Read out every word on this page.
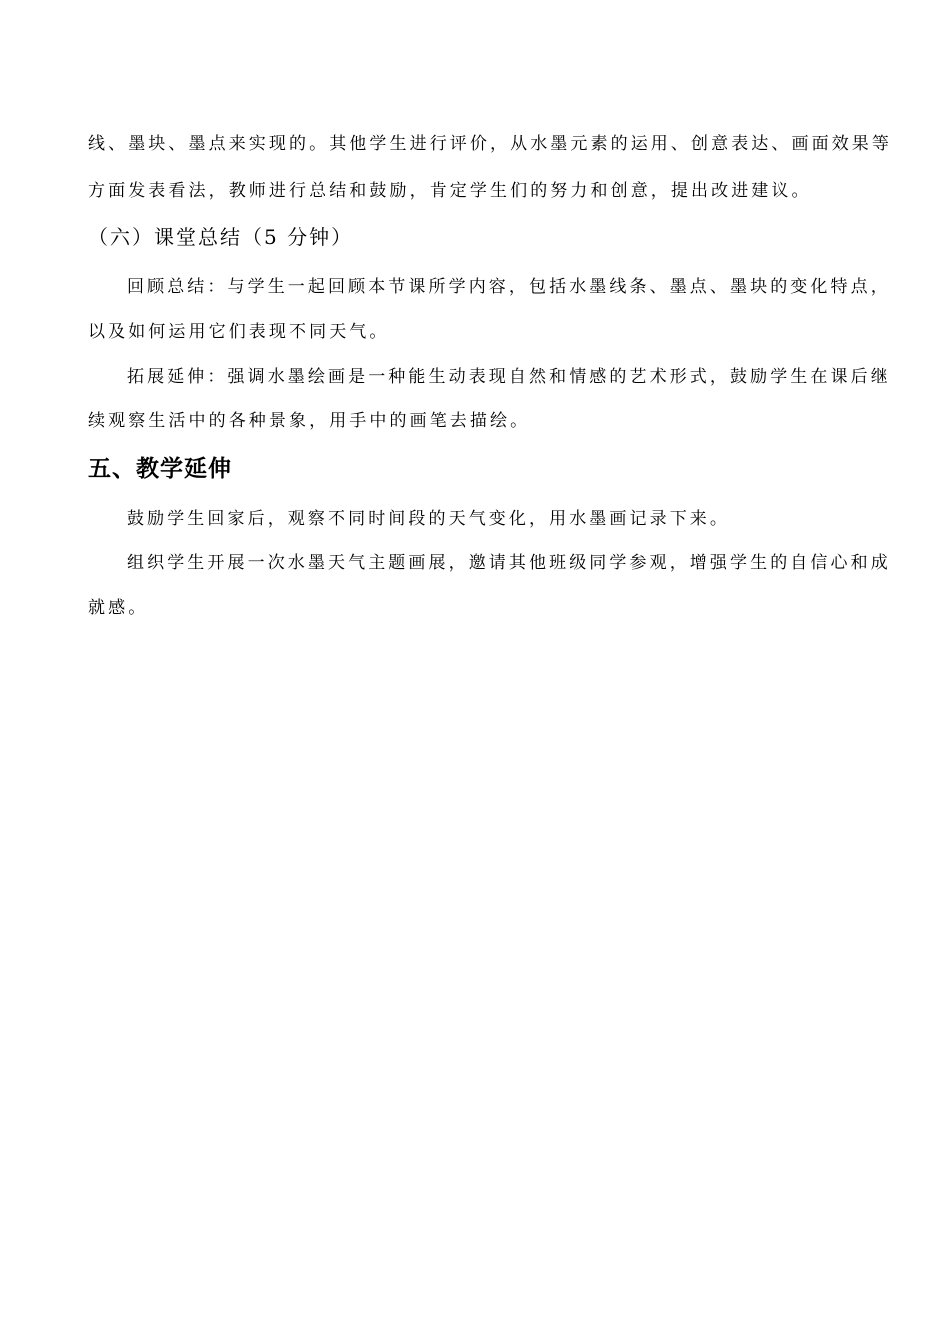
线、墨块、墨点来实现的。其他学生进行评价，从水墨元素的运用、创意表达、画面效果等
方面发表看法，教师进行总结和鼓励，肯定学生们的努力和创意，提出改进建议。
（六）课堂总结（5 分钟）
回顾总结：与学生一起回顾本节课所学内容，包括水墨线条、墨点、墨块的变化特点，
以及如何运用它们表现不同天气。
拓展延伸：强调水墨绘画是一种能生动表现自然和情感的艺术形式，鼓励学生在课后继
续观察生活中的各种景象，用手中的画笔去描绘。
五、教学延伸
鼓励学生回家后，观察不同时间段的天气变化，用水墨画记录下来。
组织学生开展一次水墨天气主题画展，邀请其他班级同学参观，增强学生的自信心和成
就感。
